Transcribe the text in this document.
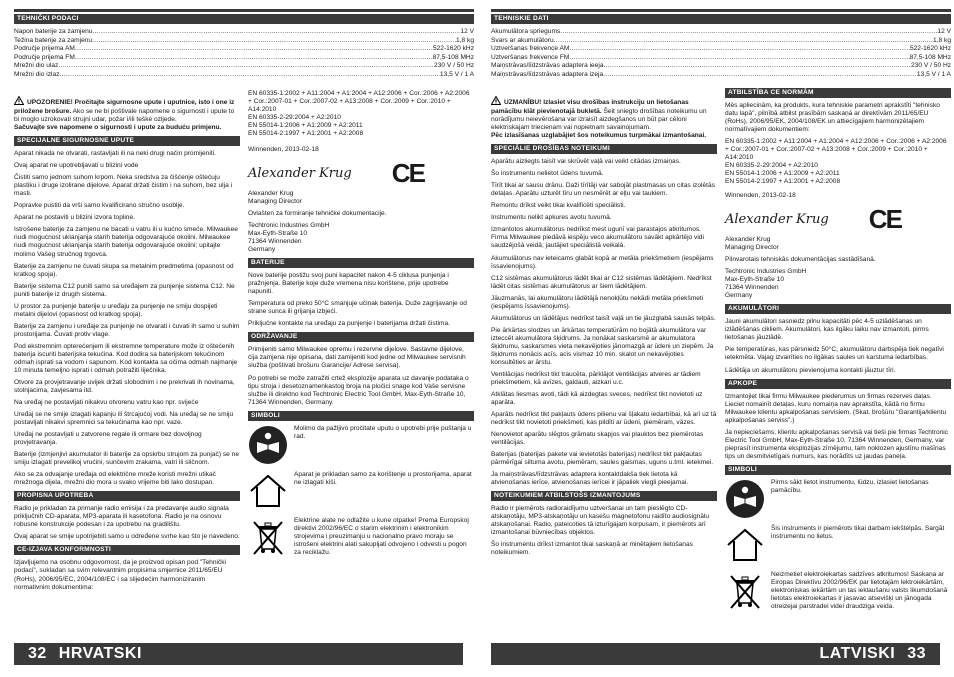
TEHNIČKI PODACI
Napon baterije za zamjenu .....	12 V
Težina baterije za zamjenu .....	1,8 kg
Područje prijema AM .....	522-1620 kHz
Područje prijema FM .....	87,5-108 MHz
Mrežni dio ulaz .....	230 V / 50 Hz
Mrežni dio izlaz .....	13,5 V / 1 A

UPOZORENIE! Pročitajte sigurnosne upute i uputnice, isto i one iz priložene brošure. Ako se ne bi poštivale napomene o sigurnosti i upute to bi moglo uzrokovati strujni udar, požar i/ili teške ozljede.
Sačuvajte sve napomene o sigurnosti i upute za buduću primjenu.

SPECIJALNE SIGURNOSNE UPUTE

Aparat nikada ne otvarati, rastavljati ili na neki drugi način promijeniti.

Ovaj aparat ne upotrebljavati u blizini vode

Čistiti samo jednom suhom krpom. Neka sredstva za čišćenje oštećuju plastiku i druge izolirane dijelove. Aparat držati čistim i na suhom, bez ulja i masti.

Popravke pustiti da vrši samo kvalificirano stručno osoblje.

Aparat ne postaviti u blizini izvora topline.

Istrošene baterije za zamjenu ne bacati u vatru ili u kućno smeće. Milwaukee nudi mogućnost uklanjanja starih baterija odgovarajuće okolini. Milwaukee nudi mogućnost uklanjanja starih baterija odgovarajuće okolini; upitajte molimo Vašeg stručnog trgovca.

Baterije za zamjenu ne čuvati skupa sa metalnim predmetima (opasnost od kratkog spoja).

Baterije sistema C12 puniti samo sa uređajem za punjenje sistema C12. Ne puniti baterije iz drugih sistema.

U prostor za punjenje baterije u uređaju za punjenje ne smiju dospijeti metalni dijelovi (opasnost od kratkog spoja).

Baterije za zamjenu i uređaje za punjenje ne otvarati i čuvati ih samo u suhim prostorijama. Čuvati protiv vlage.

Pod ekstremnim opterećenjem ili ekstremne temperature može iz oštećenih baterija iscuriti baterijska tekućina. Kod dodira sa baterijskom tekućinom odmah isprati sa vodom i sapunom. Kod kontakta sa očima odmah najmanje 10 minuta temeljno isprati i odmah potražiti liječnika.

Otvore za provjetravanje uvijek držati slobodnim i ne prekrivati ih novinama, stolnjacima, zavjesama itd.

Na uređaj ne postavljati nikakvu otvorenu vatru kao npr. svijeće

Uređaj se ne smije izlagati kapanju ili štrcajućoj vodi. Na uređaj se ne smiju postavljati nikakvi spremnici sa tekućinama kao npr. vaze.

Uređaj ne postavljati u zatvorene regale ili ormare bez dovoljnog provjetravanja.

Baterije (izmjenjivi akumulator ili baterije za opskrbu strujom za punjač) se ne smiju izlagati prevelikoj vrućini, sunčevim zrakama, vatri ili sličnom.

Ako se za odvajanje uređaja od električne mreže koristi mrežni utikač mrežnoga dijela, mrežni dio mora u svako vrijeme biti lako dostupan.

PROPISNA UPOTREBA

Radio je prikladan za primanje radio emisija i za predavanje audio signala priključnih CD-aparata, MP3-aparata ili kasetofona. Radio je na osnovu robusne konstrukcije podesan i za upotrebu na gradilištu.

Ovaj aparat se smije upotrijebiti samo u određene svrhe kao što je navedeno.

CE-IZJAVA KONFORMNOSTI

Izjavljujemo na osobnu odgovornost, da je proizvod opisan pod "Tehnički podaci", sukladan sa svim relevantnim propisima smjernice 2011/65/EU (RoHs), 2006/95/EC, 2004/108/EC i sa slijedećim harmoniziranim normativnim dokumentima:

EN 60335-1:2002 + A11:2004 + A1:2004 + A12:2006 + Cor.:2006 + A2:2006 + Cor.:2007-01 + Cor.:2007-02 + A13:2008 + Cor.:2009 + Cor.:2010 + A14:2010
EN 60335-2-29:2004 + A2:2010
EN 55014-1:2006 + A1:2009 + A2:2011
EN 55014-2:1997 + A1:2001 + A2:2008

Winnenden, 2013-02-18

Alexander Krug C E

Alexander Krug
Managing Director

Ovlašten za formiranje tehničke dokumentacije.

Techtronic Industries GmbH
Max-Eyth-Straße 10
71364 Winnenden
Germany

BATERIJE

Nove baterije postižu svoj puni kapacitet nakon 4-5 ciklusa punjenja i pražnjenja. Baterije koje duže vremena nisu korištene, prije upotrebe napuniti.

Temperatura od preko 50°C smanjuje učinak baterija. Duže zagrijavanje od strane sunca ili grijanja izbjeći.

Priključne kontakte na uređaju za punjenje i baterijama držati čistima.

ODRŽAVANJE

Primijeniti samo Milwaukee opremu i rezervne dijelove. Sastavne dijelove, čija zamjena nije opisana, dati zamijeniti kod jedne od Milwaukee servisnih služba (poštivati brošuru Garancije/ Adrese servisa).

Po potrebi se može zatražiti crtež eksplozije aparata uz davanje podataka o tipu stroja i desetoznamenkastog broja na pločici snage kod Vaše servisne službe ili direktno kod Techtronic Electric Tool GmbH, Max-Eyth-Straße 10, 71364 Winnenden, Germany.

SIMBOLI
Molimo da pažljivo pročitate uputu o upotrebi prije puštanja u rad.
Aparat je prikladan samo za korištenje u prostorijama, aparat ne izlagati kiši.
Elektrine alate ne odlažite u kune otpatke! Prema Europskoj direktivi 2002/96/EC o starim elektrinim i elektronikim strojevima i preuzimanju u nacionalno pravo moraju se istrošeni elektrini alati sakupljati odvojeno i odvesti u pogon za reciklažu.
32 HRVATSKI
TEHNISKIE DATI
Akumulātora spriegums .....	12 V
Svars ar akumulātoru .....	1,8 kg
Uztveršanas frekvence AM .....	522-1620 kHz
Uztveršanas frekvence FM .....	87,5-108 MHz
Maiņstrāvas/līdzstrāvas adaptera ieeja .....	230 V / 50 Hz
Maiņstrāvas/līdzstrāvas adaptera izeja .....	13,5 V / 1 A

UZMANĪBU! Izlasiet visu drošības instrukciju un lietošanas pamācību klāt pievienotajā bukletā. Šeit sniegto drošības noteikumu un norādījumu neievērošana var izraisīt aizdegšanos un būt par cēloni elektriskajam triecienam vai nopietnam savainojumam.
Pēc izlasīšanas uzglabājiet šos noteikumus turpmākai izmantošanai.

SPECIĀLIE DROŠĪBAS NOTEIKUMI

Aparātu aizliegts taisīt vai skrūvēt vaļā vai veikt citādas izmaiņas.

Šo instrumentu nelietot ūdens tuvumā.

Tīrīt tikai ar sausu drānu. Daži tīrītāji var sabojāt plastmasas un citas izolētās detaļas. Aparātu uzturēt tīru un nesmērēt ar eļļu vai taukiem.

Remontu drīkst veikt tikai kvalificēti speciālisti.

Instrumentu nelikt apkures avotu tuvumā.

Izmantotos akumulātorus nedrīkst mest ugunī vai parastajos atkritumos. Firma Milwaukee piedāvā iespēju veco akumulātoru savākt apkārtējo vidi saudzējošā veidā; jautājiet speciālistā veikalā.

Akumulātorus nav ieteicams glabāt kopā ar metāla priekšmetiem (iespējams īssavienojums).

C12 sistēmas akumulātorus lādēt tikai ar C12 sistēmas lādētājiem. Nedrīkst lādēt citas sistēmas akumulātorus ar šiem lādētājiem.

Jāuzmanās, lai akumulātoru lādētājā nenokļūtu nekādi metāla priekšmeti (iespējams īssavienojums).

Akumulātorus un lādētājus nedrīkst taisīt vaļā un tie jāuzglabā sausās telpās.

Pie ārkārtas slodzes un ārkārtas temperatūrām no bojātā akumulātora var izteccēt akumulātora šķidrums. Ja nonākat saskarsmē ar akumulatora šķidrumu, saskarsmes vieta nekavējoties jānomazgā ar ūdeni un ziepēm. Ja šķidrums nonācis acīs, acis vismaz 10 min. skalot un nekavējoties konsultēties ar ārstu.

Ventilācijas nedrīkst tikt traucēta, pārklājot ventilācijas atveres ar tādiem priekšmetiem, kā avīzes, galdauti, aizkari u.c.

Atklātas liesmas avoti, tādi kā aizdegtas sveces, nedrīkst tikt novietoti uz aparāta.

Aparāts nedrīkst tikt pakļauts ūdens pilienu vai šļakatu iedarbībai, kā arī uz tā nedrīkst tikt novietoti priekšmeti, kas pildīti ar ūdeni, piemēram, vāzes.

Nenovietot aparātu slēgtos grāmatu skapjos vai plauktos bez piemērotas ventilācijas.

Baterijas (baterijas pakete vai ievietotās baterijas) nedrīkst tikt pakļautas pārmērīgai siltuma avotu, piemēram, saules gaismas, uguns u.tml. ietekmei.

Ja maiņstrāvas/līdzstrāvas adaptera kontaktdakša tiek lietota kā atvienošanas ierīce, atvienošanas ierīcei ir jāpaliek viegli pieejamai.

NOTEIKUMIEM ATBILSTOŠS IZMANTOJUMS

Radio ir piemērots radioraidījumu uztveršanai un tam pieslēgto CD-atskaņotāju, MP3-atskaņotāju un kasešu magnetofonu raidīto audiosignālu atskaņošanai. Radio, pateicoties tā izturīgajam korpusam, ir piemērots arī izmantošanai būvniecības objektos.

Šo instrumentu drīkst izmantot tikai saskaņā ar minētajiem lietošanas noteikumiem.

ATBILSTĪBA CE NORMĀM

Mēs apliecinām, ka produkts, kura tehniskie parametri aprakstīti "tehnisko datu lapā", pilnībā atbilst prasībām saskaņā ar direktīvām 2011/65/EU (RoHs), 2006/95/EK, 2004/108/EK un attiecīgajiem harmonizētajiem normatīvajiem dokumentiem:

EN 60335-1:2002 + A11:2004 + A1:2004 + A12:2006 + Cor.:2006 + A2:2006 + Cor.:2007-01 + Cor.:2007-02 + A13:2008 + Cor.:2009 + Cor.:2010 + A14:2010
EN 60335-2-29:2004 + A2:2010
EN 55014-1:2006 + A1:2009 + A2:2011
EN 55014-2:1997 + A1:2001 + A2:2008

Winnenden, 2013-02-18

Alexander Krug C E

Alexander Krug
Managing Director

Pilnvarotais tehniskās dokumentācijas sastādīšanā.

Techtronic Industries GmbH
Max-Eyth-Straße 10
71364 Winnenden
Germany

AKUMULĀTORI

Jauni akumulātori sasniedz pilnu kapacitāti pēc 4-5 uzlādēšanas un izlādēšanas cikliem. Akumulātori, kas ilgāku laiku nav izmantoti, pirms lietošanas jāuzlādē.

Pie temperatūras, kas pārsniedz 50°C, akumulātoru darbspēja tiek negatīvi ietekmēta. Vajag izvairīties no ilgākas saules un karstuma iedarbības.

Lādētāja un akumulātoru pievienojuma kontakti jāuztur tīri.

APKOPE

Izmantojiet tikai firmu Milwaukee piederumus un firmas rezerves daļas. Lieciet nomainīt detaļas, kuru nomaiņa nav aprakstīta, kādā no firmu Milwaukee klientu apkalpošanas servisiem. (Skat. brošūru "Garantija/klientu apkalpošanas serviss".)

Ja nepieciešams, klientu apkalpošanas servisā vai tieši pie firmas Techtronic Electric Tool GmbH, Max-Eyth-Straße 10, 71364 Winnenden, Germany, var pieprasīt instrumenta eksplozijas zīmējumu, tam noklozen ajustīnu mašīnas tips un desmitvietīgais numurs, kas norādīts uz jaudas paneļa.

SIMBOLI
Pirms sākt lietot instrumentu, lūdzu, izlasiet lietošanas pamācību.
Šis instruments ir piemērots tikai darbam iekštelpās. Sargāt instrumentu no lietus.
Neizmetiet elektroiekartas sadzīves atkritumos! Saskaņa ar Eiropas Direktīvu 2002/96/EK par lietotajām lektroiekārtām, elektroniskas iekārtām un tas ieklaušanu valsts likumdošanā lietotas elektroiekartas ir jasavac atsevišķi un jānogada otreizejai parstradei videi draudziga veida.
LATVISKI 33
